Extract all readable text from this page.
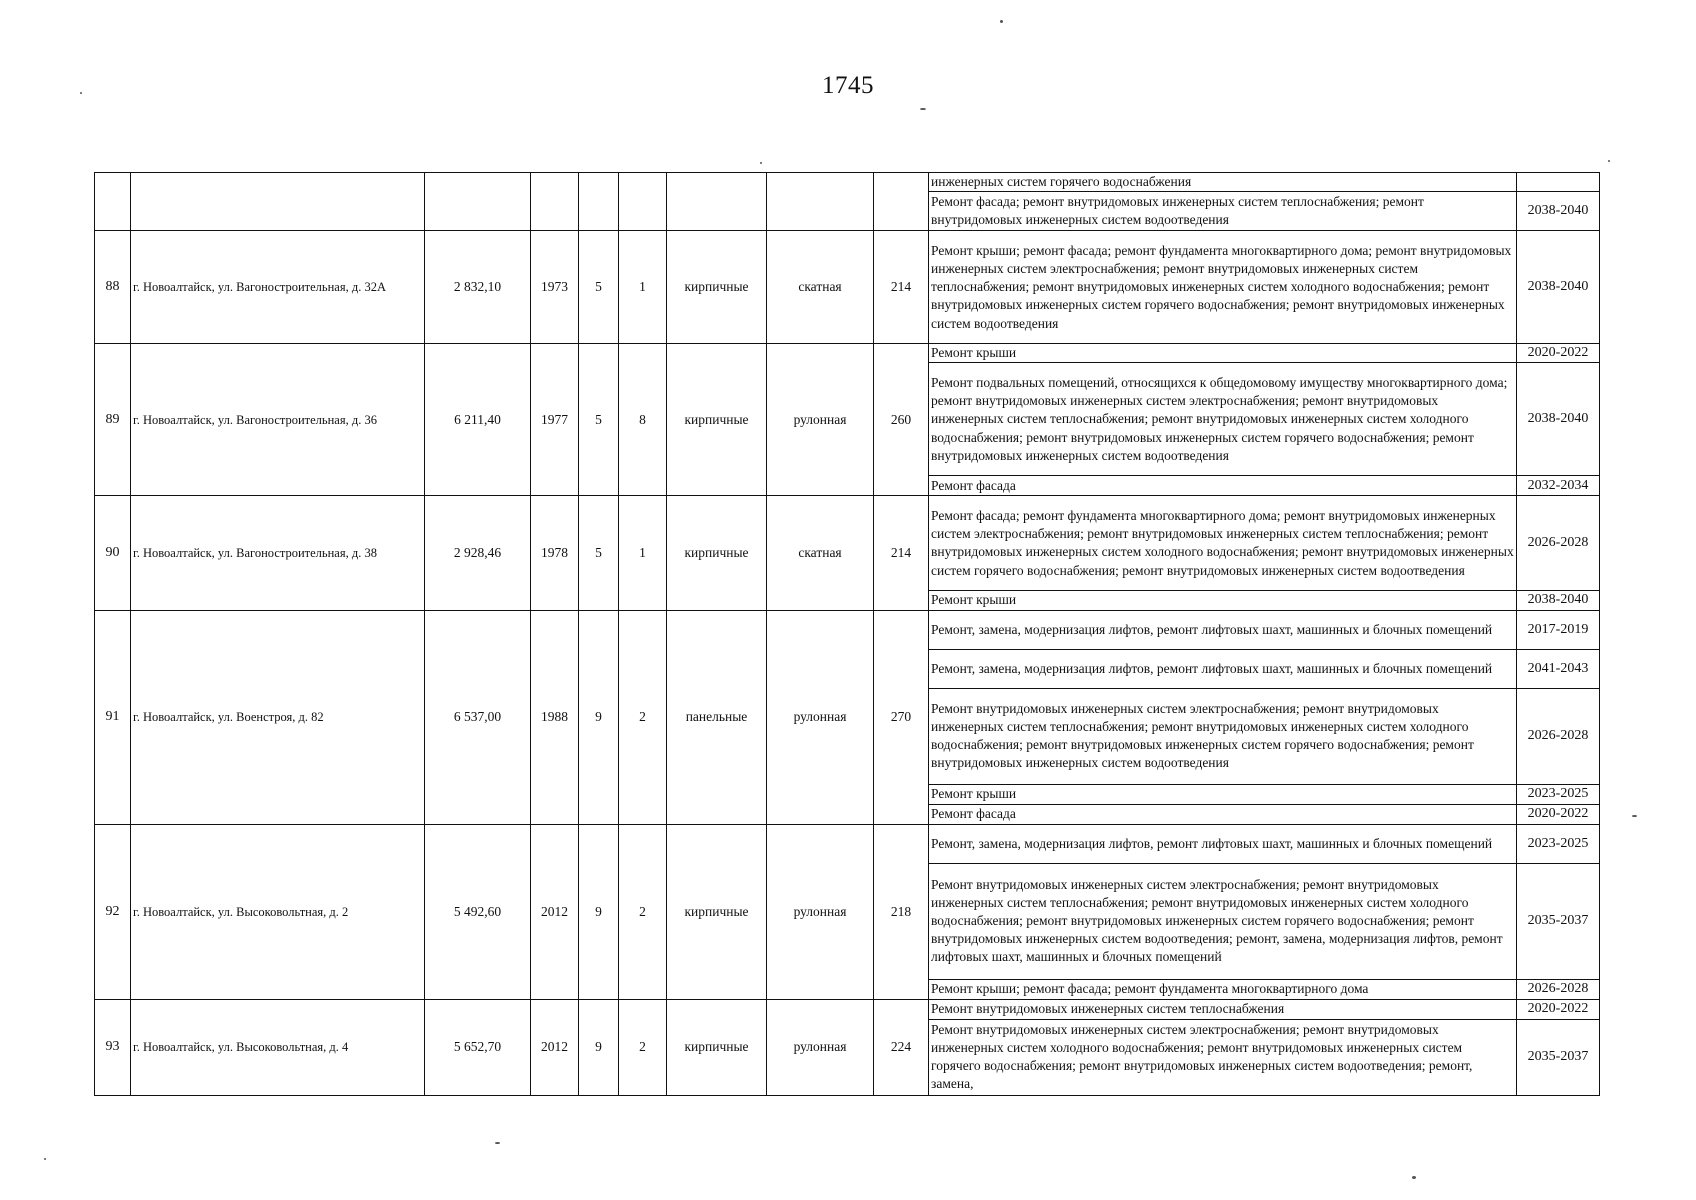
1745
									инженерных систем горячего водоснабжения	
									Ремонт фасада; ремонт внутридомовых инженерных систем теплоснабжения; ремонт внутридомовых инженерных систем водоотведения	2038-2040
88	г. Новоалтайск, ул. Вагоностроительная, д. 32А	2 832,10	1973	5	1	кирпичные	скатная	214	Ремонт крыши; ремонт фасада; ремонт фундамента многоквартирного дома; ремонт внутридомовых инженерных систем электроснабжения; ремонт внутридомовых инженерных систем теплоснабжения; ремонт внутридомовых инженерных систем холодного водоснабжения; ремонт внутридомовых инженерных систем горячего водоснабжения; ремонт внутридомовых инженерных систем водоотведения	2038-2040
89	г. Новоалтайск, ул. Вагоностроительная, д. 36	6 211,40	1977	5	8	кирпичные	рулонная	260	Ремонт крыши	2020-2022
									Ремонт подвальных помещений, относящихся к общедомовому имуществу многоквартирного дома; ремонт внутридомовых инженерных систем электроснабжения; ремонт внутридомовых инженерных систем теплоснабжения; ремонт внутридомовых инженерных систем холодного водоснабжения; ремонт внутридомовых инженерных систем горячего водоснабжения; ремонт внутридомовых инженерных систем водоотведения	2038-2040
									Ремонт фасада	2032-2034
90	г. Новоалтайск, ул. Вагоностроительная, д. 38	2 928,46	1978	5	1	кирпичные	скатная	214	Ремонт фасада; ремонт фундамента многоквартирного дома; ремонт внутридомовых инженерных систем электроснабжения; ремонт внутридомовых инженерных систем теплоснабжения; ремонт внутридомовых инженерных систем холодного водоснабжения; ремонт внутридомовых инженерных систем горячего водоснабжения; ремонт внутридомовых инженерных систем водоотведения	2026-2028
									Ремонт крыши	2038-2040
91	г. Новоалтайск, ул. Военстроя, д. 82	6 537,00	1988	9	2	панельные	рулонная	270	Ремонт, замена, модернизация лифтов, ремонт лифтовых шахт, машинных и блочных помещений	2017-2019
									Ремонт, замена, модернизация лифтов, ремонт лифтовых шахт, машинных и блочных помещений	2041-2043
									Ремонт внутридомовых инженерных систем электроснабжения; ремонт внутридомовых инженерных систем теплоснабжения; ремонт внутридомовых инженерных систем холодного водоснабжения; ремонт внутридомовых инженерных систем горячего водоснабжения; ремонт внутридомовых инженерных систем водоотведения	2026-2028
									Ремонт крыши	2023-2025
									Ремонт фасада	2020-2022
92	г. Новоалтайск, ул. Высоковольтная, д. 2	5 492,60	2012	9	2	кирпичные	рулонная	218	Ремонт, замена, модернизация лифтов, ремонт лифтовых шахт, машинных и блочных помещений	2023-2025
									Ремонт внутридомовых инженерных систем электроснабжения; ремонт внутридомовых инженерных систем теплоснабжения; ремонт внутридомовых инженерных систем холодного водоснабжения; ремонт внутридомовых инженерных систем горячего водоснабжения; ремонт внутридомовых инженерных систем водоотведения; ремонт, замена, модернизация лифтов, ремонт лифтовых шахт, машинных и блочных помещений	2035-2037
									Ремонт крыши; ремонт фасада; ремонт фундамента многоквартирного дома	2026-2028
93	г. Новоалтайск, ул. Высоковольтная, д. 4	5 652,70	2012	9	2	кирпичные	рулонная	224	Ремонт внутридомовых инженерных систем теплоснабжения	2020-2022
									Ремонт внутридомовых инженерных систем электроснабжения; ремонт внутридомовых инженерных систем холодного водоснабжения; ремонт внутридомовых инженерных систем горячего водоснабжения; ремонт внутридомовых инженерных систем водоотведения; ремонт, замена,	2035-2037
